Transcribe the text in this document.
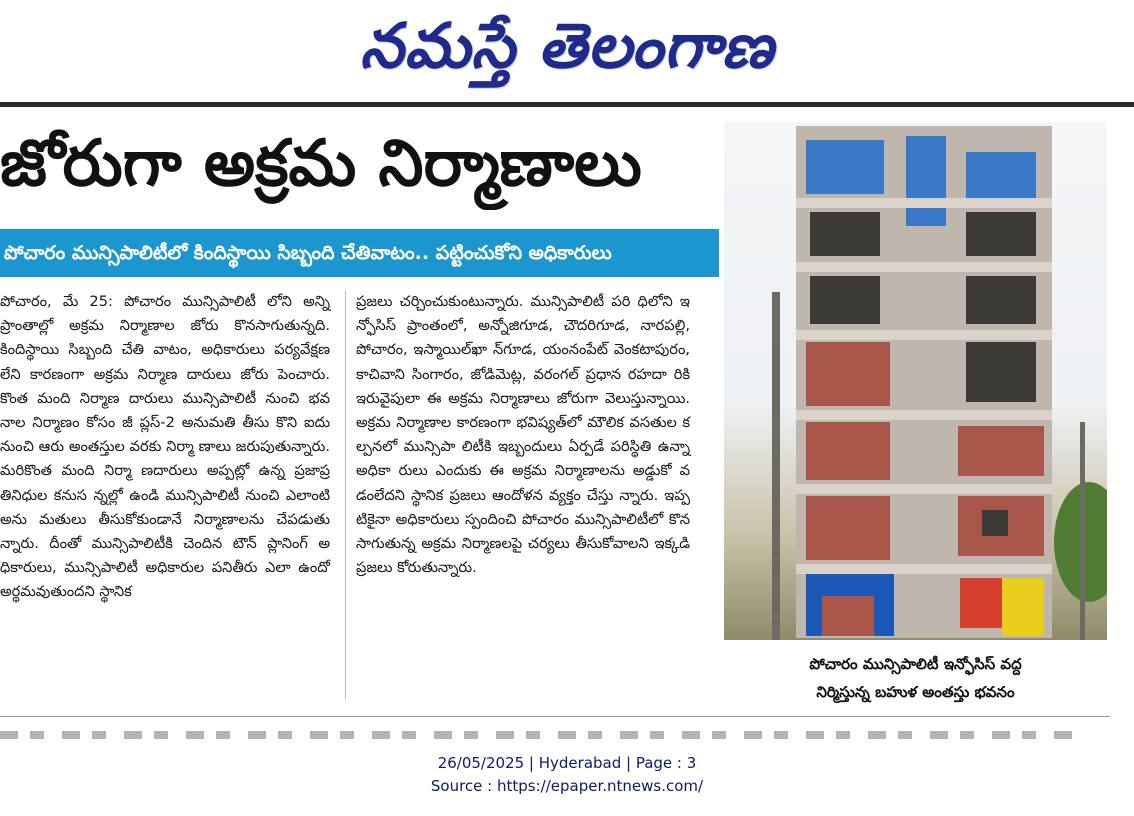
నమస్తే తెలంగాణ
జోరుగా అక్రమ నిర్మాణాలు
పోచారం మున్సిపాలిటీలో కిందిస్థాయి సిబ్బంది చేతివాటం.. పట్టించుకోని అధికారులు

పోచారం, మే 25: పోచారం మున్సిపాలిటీ లోని అన్ని ప్రాంతాల్లో అక్రమ నిర్మాణాల జోరు కొనసాగుతున్నది. కిందిస్థాయి సిబ్బంది చేతి వాటం, అధికారులు పర్యవేక్షణ లేని కారణంగా అక్రమ నిర్మాణ దారులు జోరు పెంచారు. కొంత మంది నిర్మాణ దారులు మున్సిపాలిటీ నుంచి భవ నాల నిర్మాణం కోసం జీ ప్లస్-2 అనుమతి తీసు కొని ఐదు నుంచి ఆరు అంతస్తుల వరకు నిర్మా ణాలు జరుపుతున్నారు. మరికొంత మంది నిర్మా ణదారులు అప్పట్లో ఉన్న ప్రజాప్రతినిధుల కనుస న్నల్లో ఉండి మున్సిపాలిటీ నుంచి ఎలాంటి అను మతులు తీసుకోకుండానే నిర్మాణాలను చేపడుతు న్నారు. దీంతో మున్సిపాలిటీకి చెందిన టౌన్ ప్లానింగ్ అధికారులు, మున్సిపాలిటీ అధికారుల పనితీరు ఎలా ఉందో అర్థమవుతుందని స్థానిక

ప్రజలు చర్చించుకుంటున్నారు. మున్సిపాలిటీ పరి ధిలోని ఇన్ఫోసిస్ ప్రాంతంలో, అన్నోజిగూడ, చౌదరిగూడ, నారపల్లి, పోచారం, ఇస్మాయిల్‌ఖా న్‌గూడ, యంనంపేట్ వెంకటాపురం, కాచివాని సింగారం, జోడిమెట్ల, వరంగల్ ప్రధాన రహదా రికి ఇరువైపులా ఈ అక్రమ నిర్మాణాలు జోరుగా వెలుస్తున్నాయి. అక్రమ నిర్మాణాల కారణంగా భవిష్యత్‌లో మౌలిక వసతుల కల్పనలో మున్సిపా లిటీకి ఇబ్బందులు ఏర్పడే పరిస్థితి ఉన్నా అధికా రులు ఎందుకు ఈ అక్రమ నిర్మాణాలను అడ్డుకో వడంలేదని స్థానిక ప్రజలు ఆందోళన వ్యక్తం చేస్తు న్నారు. ఇప్పటికైనా అధికారులు స్పందించి పోచారం మున్సిపాలిటీలో కొనసాగుతున్న అక్రమ నిర్మాణలపై చర్యలు తీసుకోవాలని ఇక్కడి ప్రజలు కోరుతున్నారు.

పోచారం మున్సిపాలిటీ ఇన్ఫోసిస్ వద్ద
నిర్మిస్తున్న బహుళ అంతస్తు భవనం
26/05/2025 | Hyderabad | Page : 3
Source : https://epaper.ntnews.com/
